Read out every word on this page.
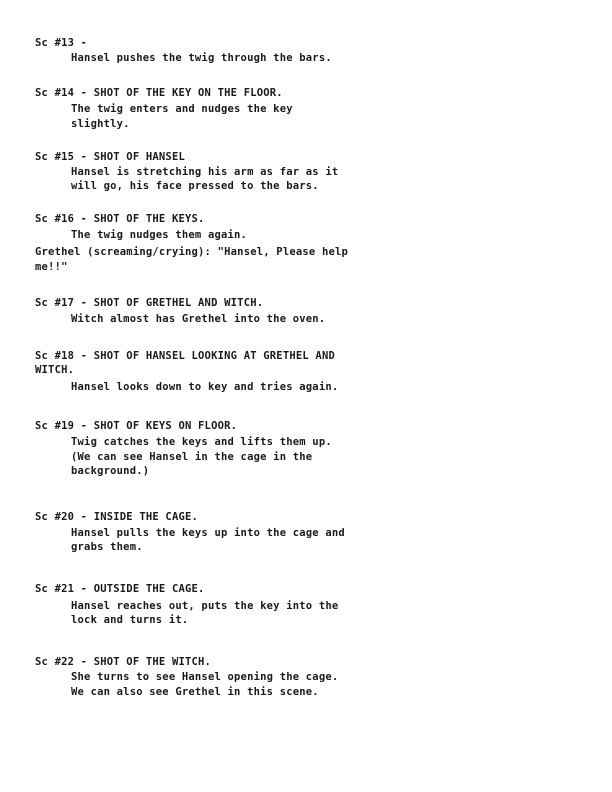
Sc #13 -
Hansel pushes the twig through the bars.
Sc #14 - SHOT OF THE KEY ON THE FLOOR.
The twig enters and nudges the key
slightly.
Sc #15 - SHOT OF HANSEL
Hansel is stretching his arm as far as it
will go, his face pressed to the bars.
Sc #16 - SHOT OF THE KEYS.
The twig nudges them again.
Grethel (screaming/crying): "Hansel, Please help
me!!"
Sc #17 - SHOT OF GRETHEL AND WITCH.
Witch almost has Grethel into the oven.
Sc #18 - SHOT OF HANSEL LOOKING AT GRETHEL AND
WITCH.
Hansel looks down to key and tries again.
Sc #19 - SHOT OF KEYS ON FLOOR.
Twig catches the keys and lifts them up.
(We can see Hansel in the cage in the
background.)
Sc #20 - INSIDE THE CAGE.
Hansel pulls the keys up into the cage and
grabs them.
Sc #21 - OUTSIDE THE CAGE.
Hansel reaches out, puts the key into the
lock and turns it.
Sc #22 - SHOT OF THE WITCH.
She turns to see Hansel opening the cage.
We can also see Grethel in this scene.
